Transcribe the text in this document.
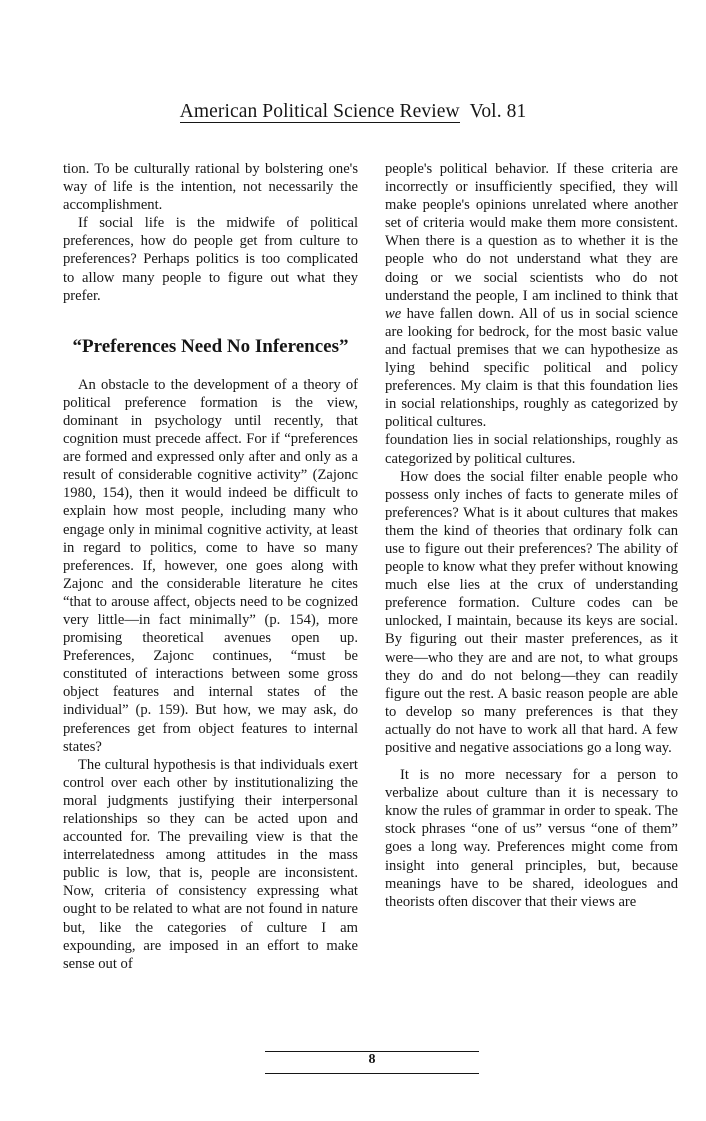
American Political Science Review Vol. 81

tion. To be culturally rational by bolstering one's way of life is the intention, not necessarily the accomplishment.

If social life is the midwife of political preferences, how do people get from culture to preferences? Perhaps politics is too complicated to allow many people to figure out what they prefer.

“Preferences Need No Inferences”

An obstacle to the development of a theory of political preference formation is the view, dominant in psychology until recently, that cognition must precede affect. For if “preferences are formed and expressed only after and only as a result of considerable cognitive activity” (Zajonc 1980, 154), then it would indeed be difficult to explain how most people, including many who engage only in minimal cognitive activity, at least in regard to politics, come to have so many preferences. If, however, one goes along with Zajonc and the considerable literature he cites “that to arouse affect, objects need to be cognized very little—in fact minimally” (p. 154), more promising theoretical avenues open up. Preferences, Zajonc continues, “must be constituted of interactions between some gross object features and internal states of the individual” (p. 159). But how, we may ask, do preferences get from object features to internal states?

The cultural hypothesis is that individuals exert control over each other by institutionalizing the moral judgments justifying their interpersonal relationships so they can be acted upon and accounted for. The prevailing view is that the interrelatedness among attitudes in the mass public is low, that is, people are inconsistent. Now, criteria of consistency expressing what ought to be related to what are not found in nature but, like the categories of culture I am expounding, are imposed in an effort to make sense out of

people's political behavior. If these criteria are incorrectly or insufficiently specified, they will make people's opinions unrelated where another set of criteria would make them more consistent. When there is a question as to whether it is the people who do not understand what they are doing or we social scientists who do not understand the people, I am inclined to think that we have fallen down. All of us in social science are looking for bedrock, for the most basic value and factual premises that we can hypothesize as lying behind specific political and policy preferences. My claim is that this foundation lies in social relationships, roughly as categorized by political cultures.

foundation lies in social relationships, roughly as categorized by political cultures.

How does the social filter enable people who possess only inches of facts to generate miles of preferences? What is it about cultures that makes them the kind of theories that ordinary folk can use to figure out their preferences? The ability of people to know what they prefer without knowing much else lies at the crux of understanding preference formation. Culture codes can be unlocked, I maintain, because its keys are social. By figuring out their master preferences, as it were—who they are and are not, to what groups they do and do not belong—they can readily figure out the rest. A basic reason people are able to develop so many preferences is that they actually do not have to work all that hard. A few positive and negative associations go a long way.

It is no more necessary for a person to verbalize about culture than it is necessary to know the rules of grammar in order to speak. The stock phrases “one of us” versus “one of them” goes a long way. Preferences might come from insight into general principles, but, because meanings have to be shared, ideologues and theorists often discover that their views are

8
